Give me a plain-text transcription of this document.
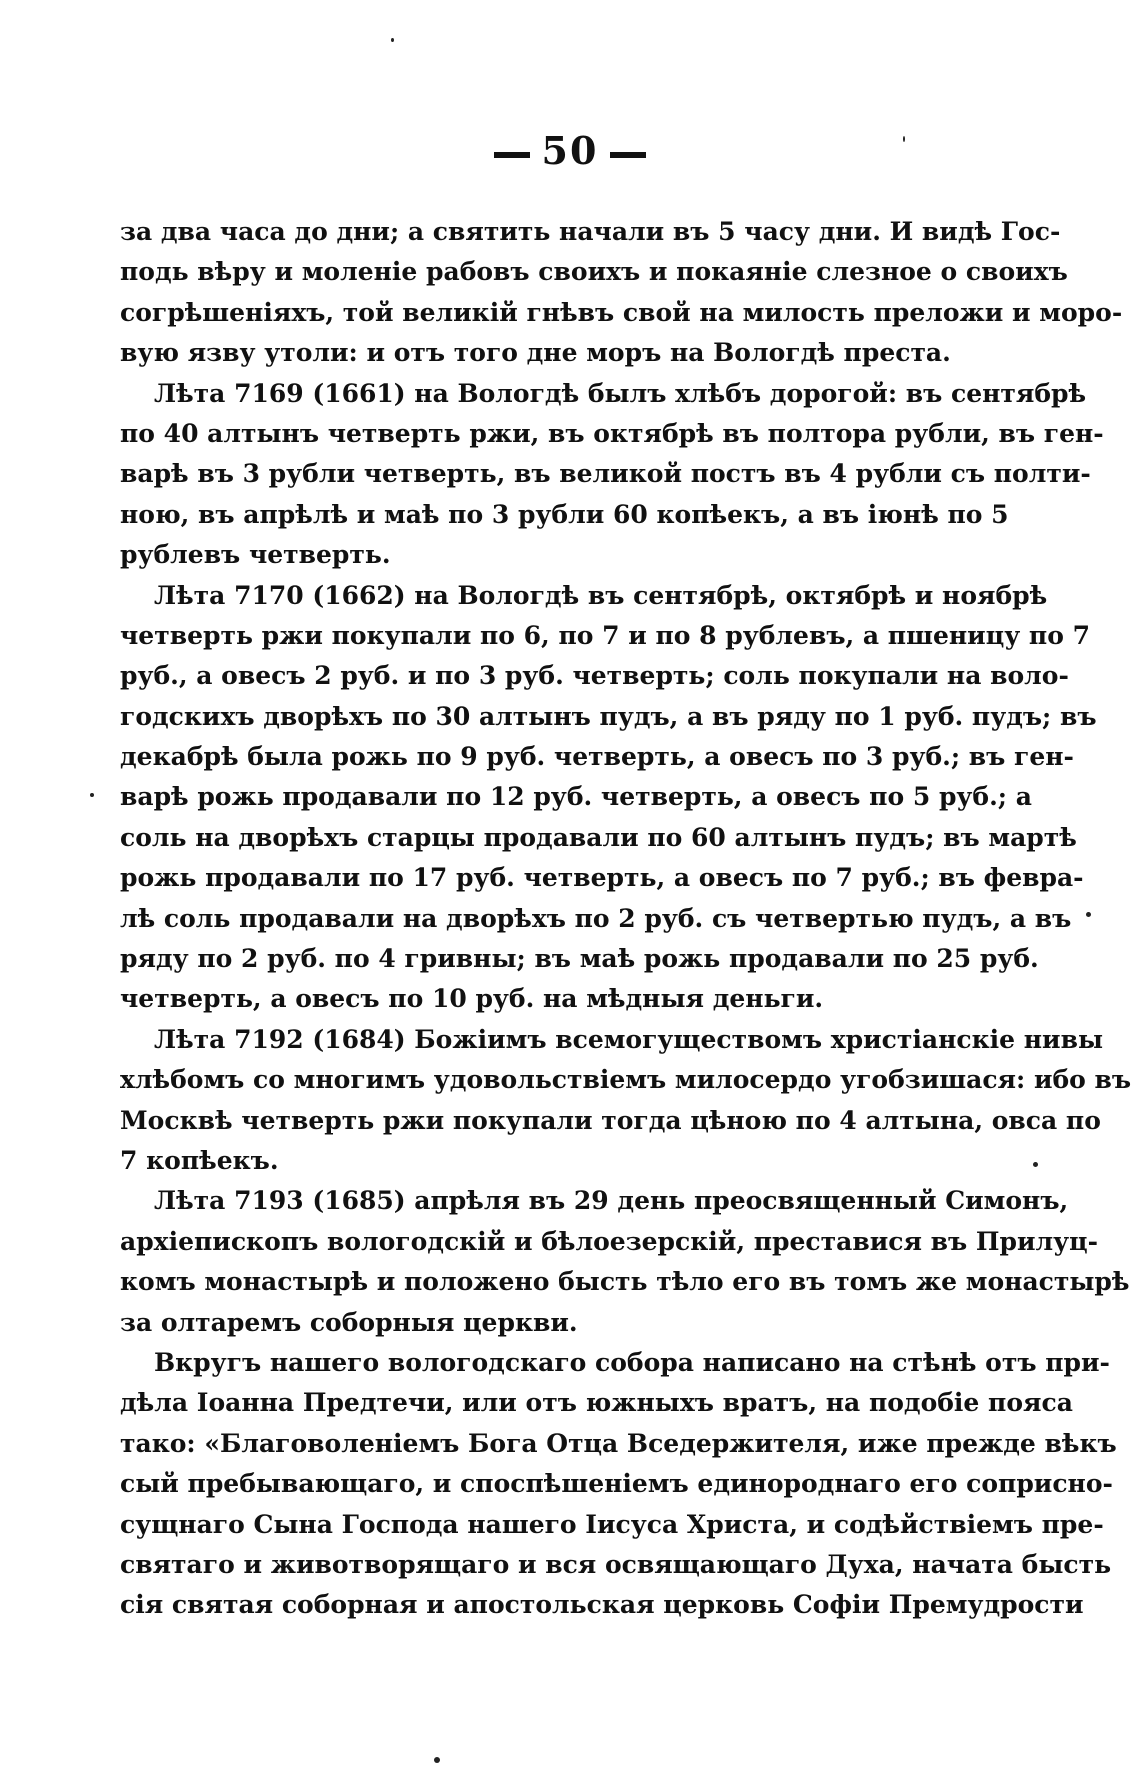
50
за два часа до дни; а святить начали въ 5 часу дни. И видѣ Гос-
подь вѣру и моленіе рабовъ своихъ и покаяніе слезное о своихъ
согрѣшеніяхъ, той великій гнѣвъ свой на милость преложи и моро-
вую язву утоли: и отъ того дне моръ на Вологдѣ преста.
Лѣта 7169 (1661) на Вологдѣ былъ хлѣбъ дорогой: въ сентябрѣ
по 40 алтынъ четверть ржи, въ октябрѣ въ полтора рубли, въ ген-
варѣ въ 3 рубли четверть, въ великой постъ въ 4 рубли съ полти-
ною, въ апрѣлѣ и маѣ по 3 рубли 60 копѣекъ, а въ іюнѣ по 5
рублевъ четверть.
Лѣта 7170 (1662) на Вологдѣ въ сентябрѣ, октябрѣ и ноябрѣ
четверть ржи покупали по 6, по 7 и по 8 рублевъ, а пшеницу по 7
руб., а овесъ 2 руб. и по 3 руб. четверть; соль покупали на воло-
годскихъ дворѣхъ по 30 алтынъ пудъ, а въ ряду по 1 руб. пудъ; въ
декабрѣ была рожь по 9 руб. четверть, а овесъ по 3 руб.; въ ген-
варѣ рожь продавали по 12 руб. четверть, а овесъ по 5 руб.; а
соль на дворѣхъ старцы продавали по 60 алтынъ пудъ; въ мартѣ
рожь продавали по 17 руб. четверть, а овесъ по 7 руб.; въ февра-
лѣ соль продавали на дворѣхъ по 2 руб. съ четвертью пудъ, а въ
ряду по 2 руб. по 4 гривны; въ маѣ рожь продавали по 25 руб.
четверть, а овесъ по 10 руб. на мѣдныя деньги.
Лѣта 7192 (1684) Божіимъ всемогуществомъ христіанскіе нивы
хлѣбомъ со многимъ удовольствіемъ милосердо угобзишася: ибо въ
Москвѣ четверть ржи покупали тогда цѣною по 4 алтына, овса по
7 копѣекъ.
Лѣта 7193 (1685) апрѣля въ 29 день преосвященный Симонъ,
архіепископъ вологодскій и бѣлоезерскій, преставися въ Прилуц-
комъ монастырѣ и положено бысть тѣло его въ томъ же монастырѣ
за олтаремъ соборныя церкви.
Вкругъ нашего вологодскаго собора написано на стѣнѣ отъ при-
дѣла Іоанна Предтечи, или отъ южныхъ вратъ, на подобіе пояса
тако: «Благоволеніемъ Бога Отца Вседержителя, иже прежде вѣкъ
сый пребывающаго, и споспѣшеніемъ единороднаго его соприсно-
сущнаго Сына Господа нашего Іисуса Христа, и содѣйствіемъ пре-
святаго и животворящаго и вся освящающаго Духа, начата бысть
сія святая соборная и апостольская церковь Софіи Премудрости
